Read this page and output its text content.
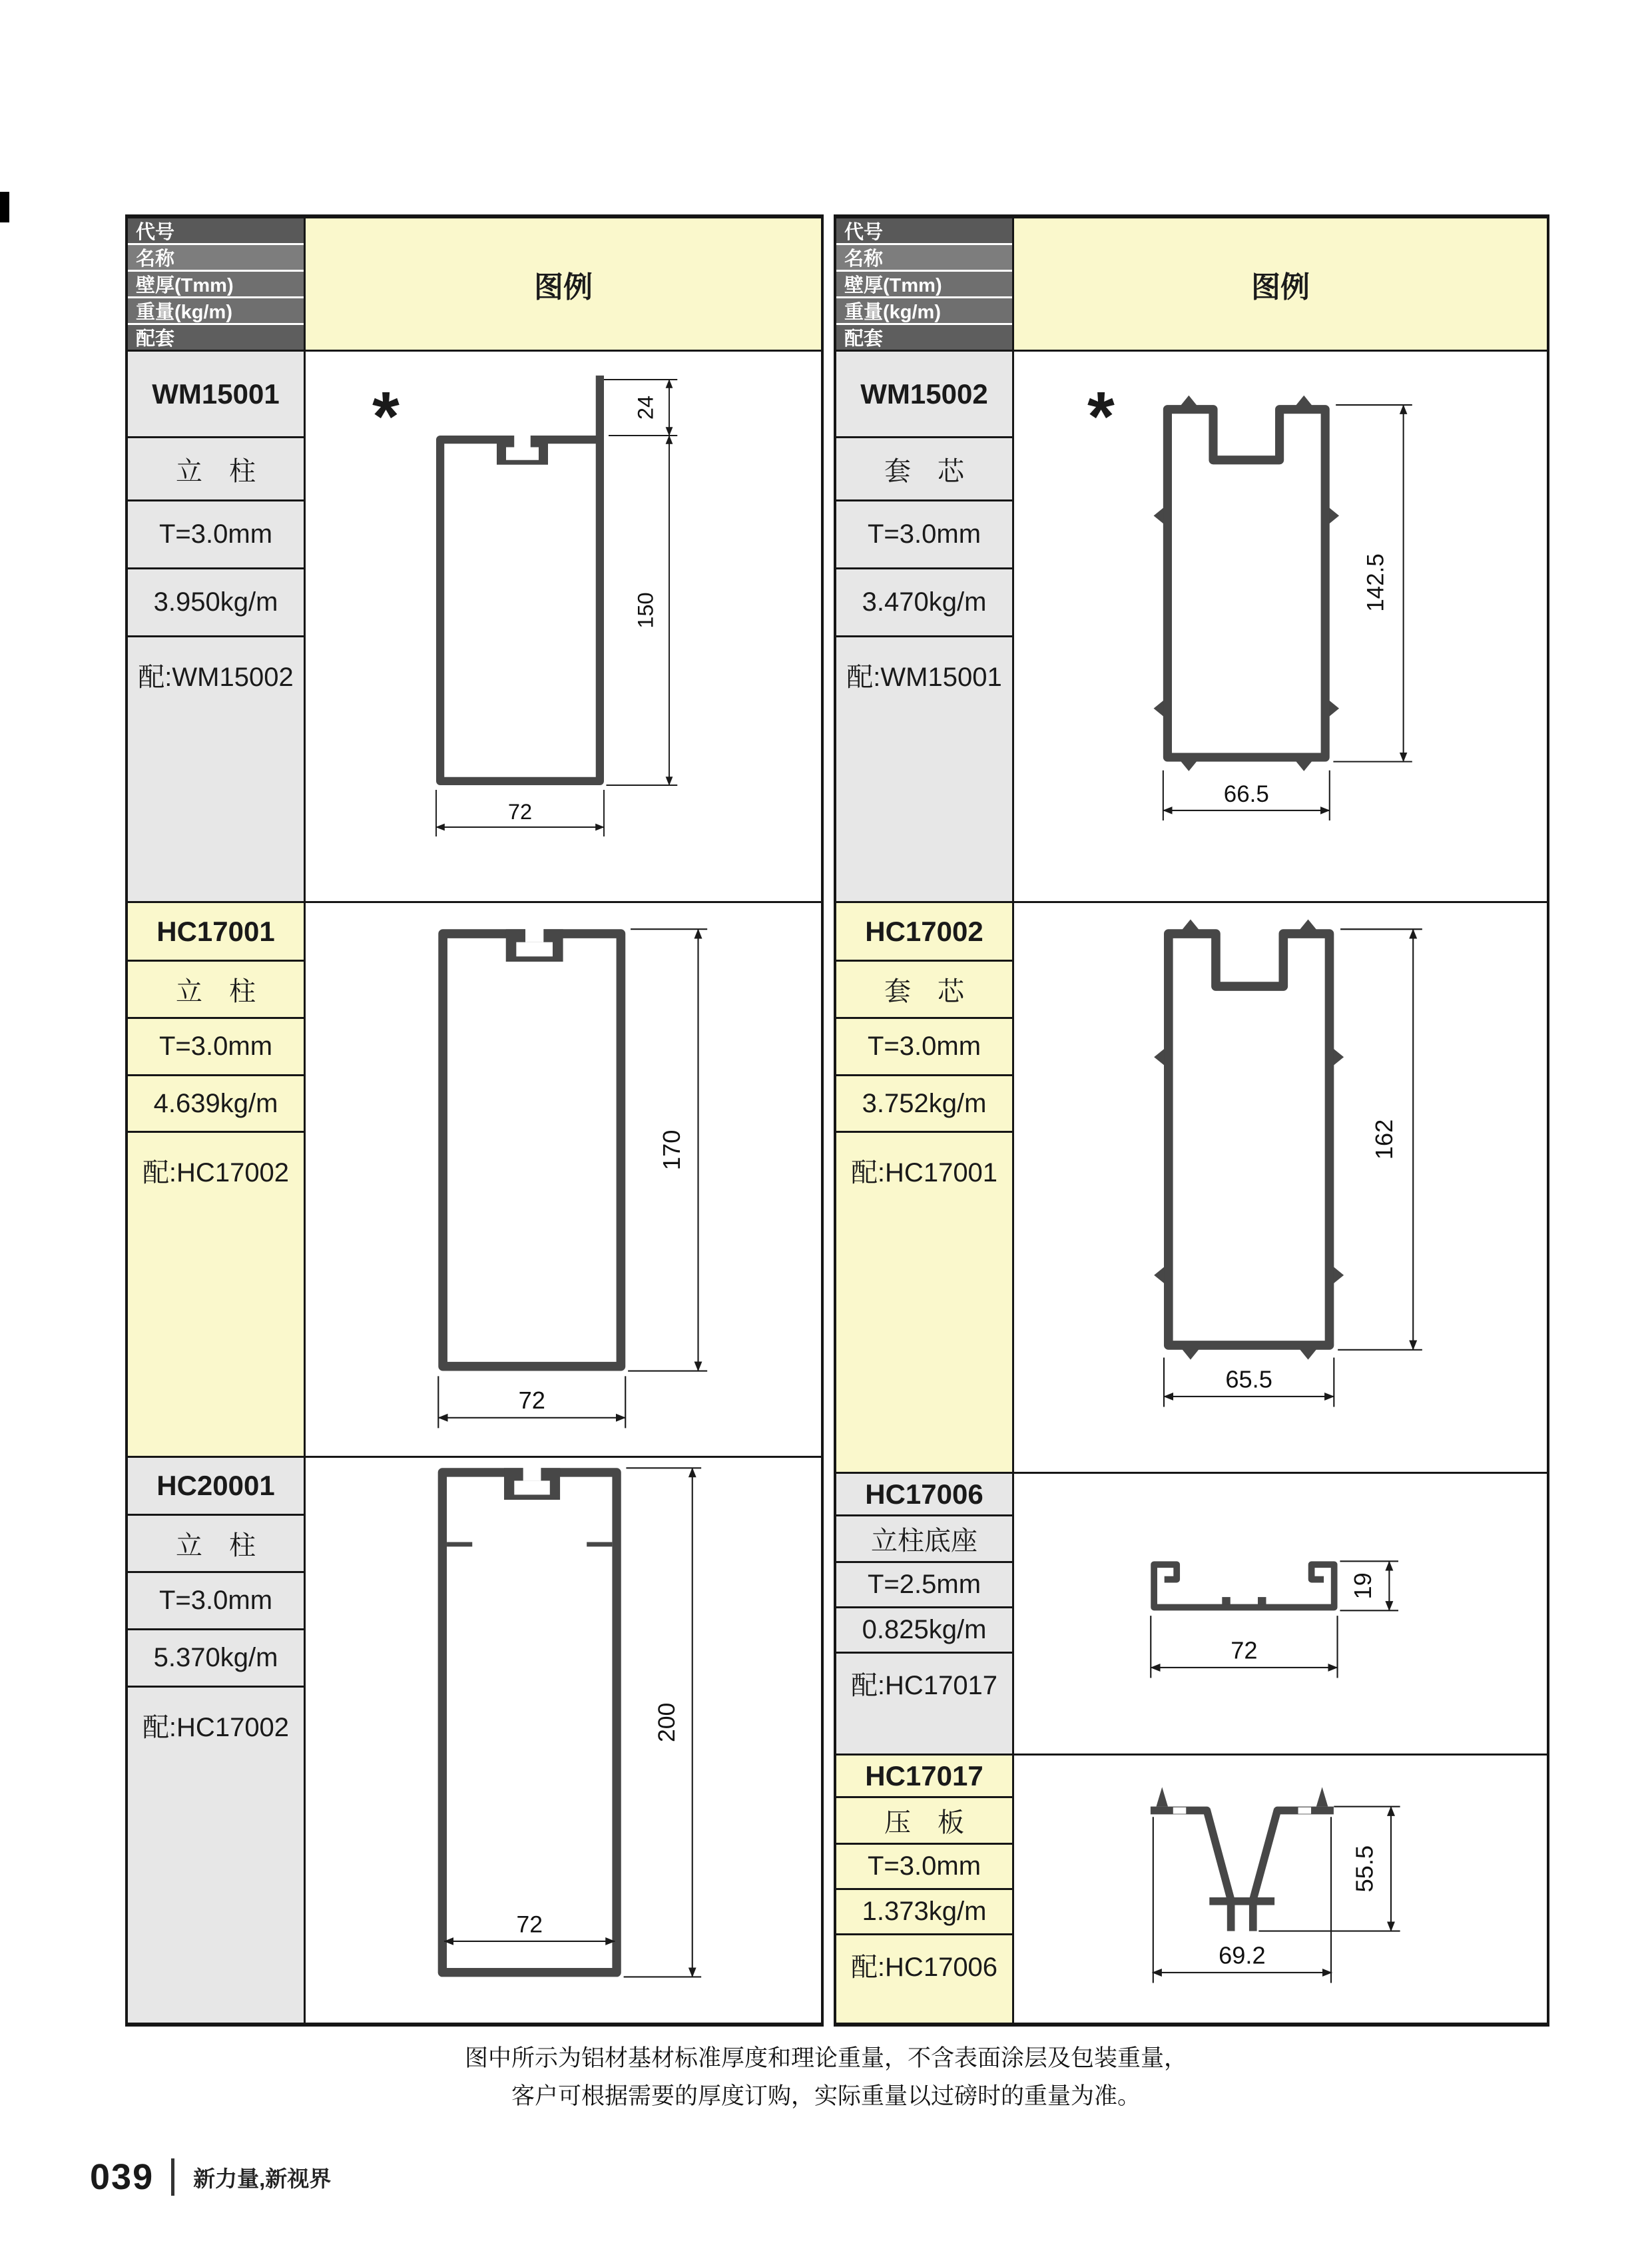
代号
名称
壁厚(Tmm)
重量(kg/m)
配套
图例
WM15001
立　柱
T=3.0mm
3.950kg/m
配:WM15002
*	24
150
72
HC17001
立　柱
T=3.0mm
4.639kg/m
配:HC17002
170
72
HC20001
立　柱
T=3.0mm
5.370kg/m
配:HC17002	200
72
代号
名称
壁厚(Tmm)
重量(kg/m)
配套
图例
WM15002
套　芯
T=3.0mm
3.470kg/m
配:WM15001
*
142.5
66.5
HC17002
套　芯
T=3.0mm
3.752kg/m
配:HC17001
162
65.5
HC17006
立柱底座
T=2.5mm
0.825kg/m
配:HC17017
19
72
HC17017
压　板
T=3.0mm
1.373kg/m
配:HC17006
55.5
69.2
图中所示为铝材基材标准厚度和理论重量，不含表面涂层及包装重量，
客户可根据需要的厚度订购，实际重量以过磅时的重量为准。
039 新力量,新视界
